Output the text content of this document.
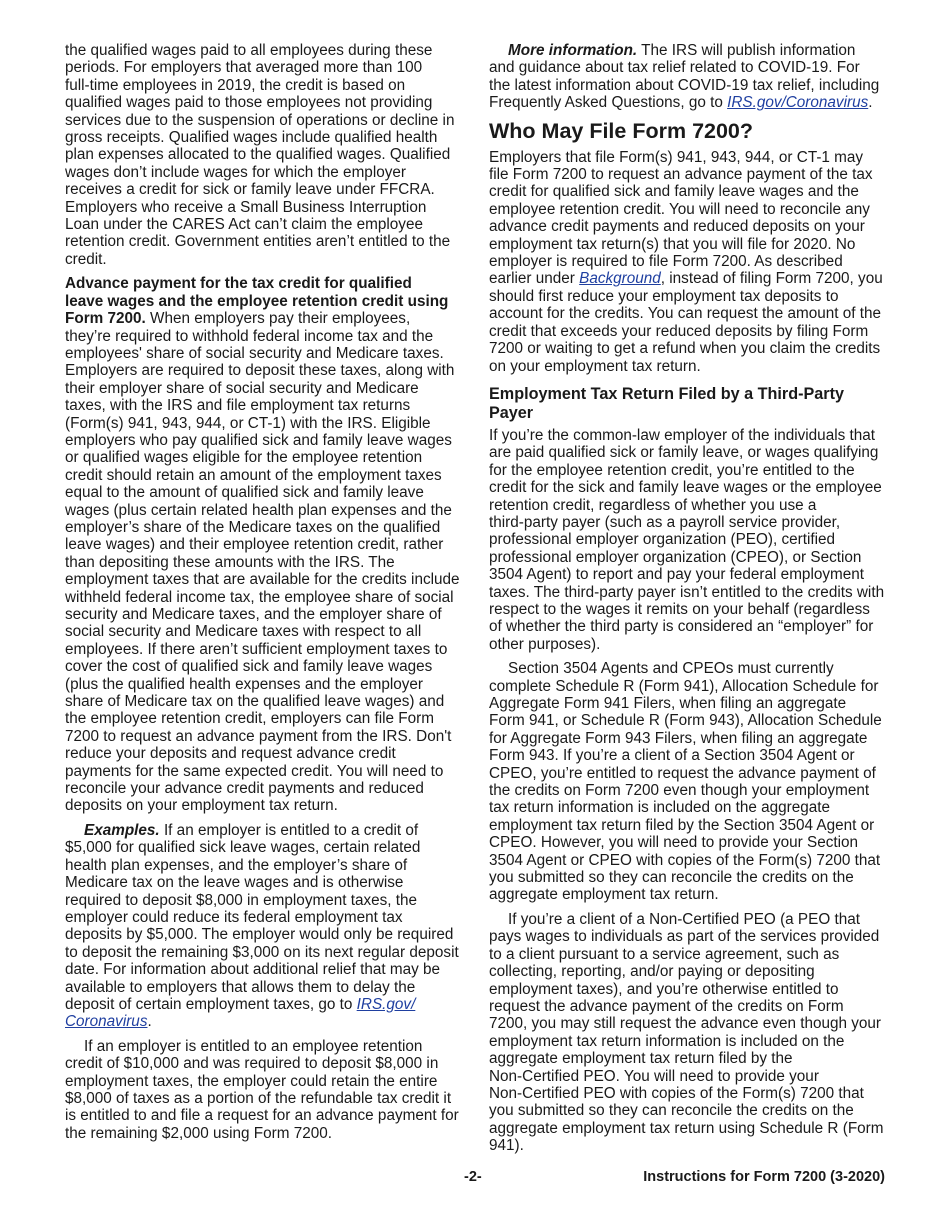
the qualified wages paid to all employees during these
periods. For employers that averaged more than 100
full-time employees in 2019, the credit is based on
qualified wages paid to those employees not providing
services due to the suspension of operations or decline in
gross receipts. Qualified wages include qualified health
plan expenses allocated to the qualified wages. Qualified
wages don’t include wages for which the employer
receives a credit for sick or family leave under FFCRA.
Employers who receive a Small Business Interruption
Loan under the CARES Act can’t claim the employee
retention credit. Government entities aren’t entitled to the
credit.

Advance payment for the tax credit for qualified
leave wages and the employee retention credit using
Form 7200. When employers pay their employees,
they’re required to withhold federal income tax and the
employees' share of social security and Medicare taxes.
Employers are required to deposit these taxes, along with
their employer share of social security and Medicare
taxes, with the IRS and file employment tax returns
(Form(s) 941, 943, 944, or CT-1) with the IRS. Eligible
employers who pay qualified sick and family leave wages
or qualified wages eligible for the employee retention
credit should retain an amount of the employment taxes
equal to the amount of qualified sick and family leave
wages (plus certain related health plan expenses and the
employer’s share of the Medicare taxes on the qualified
leave wages) and their employee retention credit, rather
than depositing these amounts with the IRS. The
employment taxes that are available for the credits include
withheld federal income tax, the employee share of social
security and Medicare taxes, and the employer share of
social security and Medicare taxes with respect to all
employees. If there aren’t sufficient employment taxes to
cover the cost of qualified sick and family leave wages
(plus the qualified health expenses and the employer
share of Medicare tax on the qualified leave wages) and
the employee retention credit, employers can file Form
7200 to request an advance payment from the IRS. Don't
reduce your deposits and request advance credit
payments for the same expected credit. You will need to
reconcile your advance credit payments and reduced
deposits on your employment tax return.

Examples. If an employer is entitled to a credit of
$5,000 for qualified sick leave wages, certain related
health plan expenses, and the employer’s share of
Medicare tax on the leave wages and is otherwise
required to deposit $8,000 in employment taxes, the
employer could reduce its federal employment tax
deposits by $5,000. The employer would only be required
to deposit the remaining $3,000 on its next regular deposit
date. For information about additional relief that may be
available to employers that allows them to delay the
deposit of certain employment taxes, go to IRS.gov/
Coronavirus.

If an employer is entitled to an employee retention
credit of $10,000 and was required to deposit $8,000 in
employment taxes, the employer could retain the entire
$8,000 of taxes as a portion of the refundable tax credit it
is entitled to and file a request for an advance payment for
the remaining $2,000 using Form 7200.

More information. The IRS will publish information
and guidance about tax relief related to COVID-19. For
the latest information about COVID-19 tax relief, including
Frequently Asked Questions, go to IRS.gov/Coronavirus.

Who May File Form 7200?

Employers that file Form(s) 941, 943, 944, or CT-1 may
file Form 7200 to request an advance payment of the tax
credit for qualified sick and family leave wages and the
employee retention credit. You will need to reconcile any
advance credit payments and reduced deposits on your
employment tax return(s) that you will file for 2020. No
employer is required to file Form 7200. As described
earlier under Background, instead of filing Form 7200, you
should first reduce your employment tax deposits to
account for the credits. You can request the amount of the
credit that exceeds your reduced deposits by filing Form
7200 or waiting to get a refund when you claim the credits
on your employment tax return.

Employment Tax Return Filed by a Third-Party
Payer

If you’re the common-law employer of the individuals that
are paid qualified sick or family leave, or wages qualifying
for the employee retention credit, you’re entitled to the
credit for the sick and family leave wages or the employee
retention credit, regardless of whether you use a
third-party payer (such as a payroll service provider,
professional employer organization (PEO), certified
professional employer organization (CPEO), or Section
3504 Agent) to report and pay your federal employment
taxes. The third-party payer isn’t entitled to the credits with
respect to the wages it remits on your behalf (regardless
of whether the third party is considered an “employer” for
other purposes).

Section 3504 Agents and CPEOs must currently
complete Schedule R (Form 941), Allocation Schedule for
Aggregate Form 941 Filers, when filing an aggregate
Form 941, or Schedule R (Form 943), Allocation Schedule
for Aggregate Form 943 Filers, when filing an aggregate
Form 943. If you’re a client of a Section 3504 Agent or
CPEO, you’re entitled to request the advance payment of
the credits on Form 7200 even though your employment
tax return information is included on the aggregate
employment tax return filed by the Section 3504 Agent or
CPEO. However, you will need to provide your Section
3504 Agent or CPEO with copies of the Form(s) 7200 that
you submitted so they can reconcile the credits on the
aggregate employment tax return.

If you’re a client of a Non-Certified PEO (a PEO that
pays wages to individuals as part of the services provided
to a client pursuant to a service agreement, such as
collecting, reporting, and/or paying or depositing
employment taxes), and you’re otherwise entitled to
request the advance payment of the credits on Form
7200, you may still request the advance even though your
employment tax return information is included on the
aggregate employment tax return filed by the
Non-Certified PEO. You will need to provide your
Non-Certified PEO with copies of the Form(s) 7200 that
you submitted so they can reconcile the credits on the
aggregate employment tax return using Schedule R (Form
941).

-2-	Instructions for Form 7200 (3-2020)
